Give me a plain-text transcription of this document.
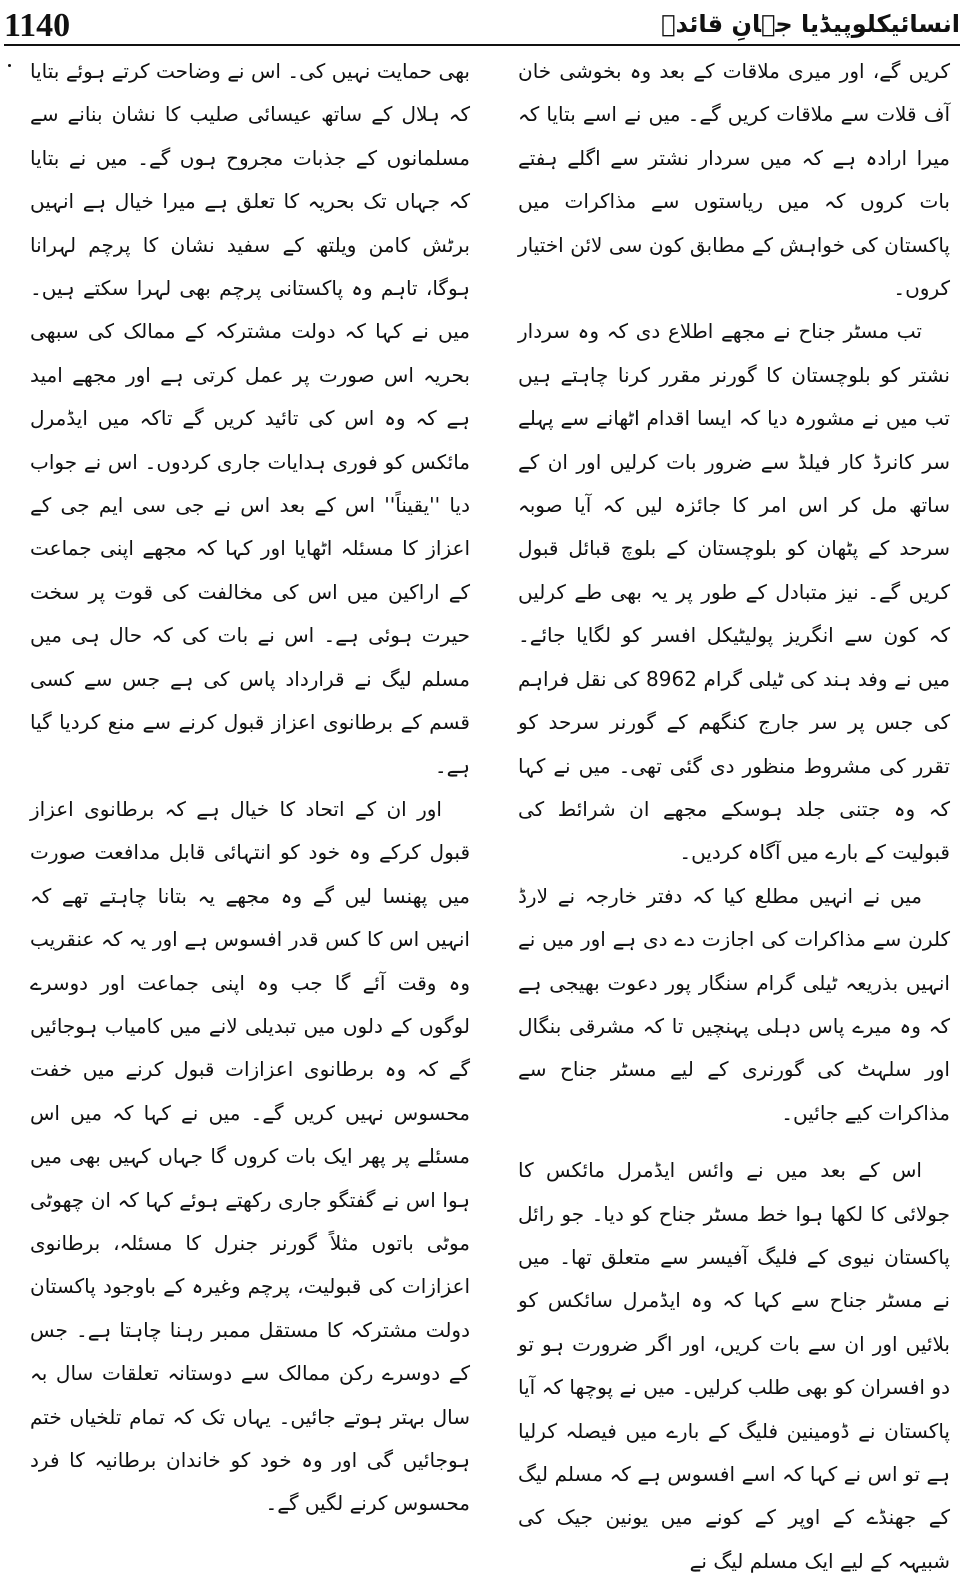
1140	انسائیکلوپیڈیا جہانِ قائدؒ

کریں گے، اور میری ملاقات کے بعد وہ بخوشی خان آف قلات سے ملاقات کریں گے۔ میں نے اسے بتایا کہ میرا ارادہ ہے کہ میں سردار نشتر سے اگلے ہفتے بات کروں کہ میں ریاستوں سے مذاکرات میں پاکستان کی خواہش کے مطابق کون سی لائن اختیار کروں۔

تب مسٹر جناح نے مجھے اطلاع دی کہ وہ سردار نشتر کو بلوچستان کا گورنر مقرر کرنا چاہتے ہیں تب میں نے مشورہ دیا کہ ایسا اقدام اٹھانے سے پہلے سر کانرڈ کار فیلڈ سے ضرور بات کرلیں اور ان کے ساتھ مل کر اس امر کا جائزہ لیں کہ آیا صوبہ سرحد کے پٹھان کو بلوچستان کے بلوچ قبائل قبول کریں گے۔ نیز متبادل کے طور پر یہ بھی طے کرلیں کہ کون سے انگریز پولیٹیکل افسر کو لگایا جائے۔ میں نے وفد ہند کی ٹیلی گرام 8962 کی نقل فراہم کی جس پر سر جارج کنگھم کے گورنر سرحد کو تقرر کی مشروط منظور دی گئی تھی۔ میں نے کہا کہ وہ جتنی جلد ہوسکے مجھے ان شرائط کی قبولیت کے بارے میں آگاہ کردیں۔

میں نے انہیں مطلع کیا کہ دفتر خارجہ نے لارڈ کلرن سے مذاکرات کی اجازت دے دی ہے اور میں نے انہیں بذریعہ ٹیلی گرام سنگار پور دعوت بھیجی ہے کہ وہ میرے پاس دہلی پہنچیں تا کہ مشرقی بنگال اور سلہٹ کی گورنری کے لیے مسٹر جناح سے مذاکرات کیے جائیں۔

اس کے بعد میں نے وائس ایڈمرل مائکس کا جولائی کا لکھا ہوا خط مسٹر جناح کو دیا۔ جو رائل پاکستان نیوی کے فلیگ آفیسر سے متعلق تھا۔ میں نے مسٹر جناح سے کہا کہ وہ ایڈمرل سائکس کو بلائیں اور ان سے بات کریں، اور اگر ضرورت ہو تو دو افسران کو بھی طلب کرلیں۔ میں نے پوچھا کہ آیا پاکستان نے ڈومینین فلیگ کے بارے میں فیصلہ کرلیا ہے تو اس نے کہا کہ اسے افسوس ہے کہ مسلم لیگ کے جھنڈے کے اوپر کے کونے میں یونین جیک کی شبیہہ کے لیے ایک مسلم لیگ نے

بھی حمایت نہیں کی۔ اس نے وضاحت کرتے ہوئے بتایا کہ ہلال کے ساتھ عیسائی صلیب کا نشان بنانے سے مسلمانوں کے جذبات مجروح ہوں گے۔ میں نے بتایا کہ جہاں تک بحریہ کا تعلق ہے میرا خیال ہے انہیں برٹش کامن ویلتھ کے سفید نشان کا پرچم لہرانا ہوگا، تاہم وہ پاکستانی پرچم بھی لہرا سکتے ہیں۔ میں نے کہا کہ دولت مشترکہ کے ممالک کی سبھی بحریہ اس صورت پر عمل کرتی ہے اور مجھے امید ہے کہ وہ اس کی تائید کریں گے تاکہ میں ایڈمرل مائکس کو فوری ہدایات جاری کردوں۔ اس نے جواب دیا ''یقیناً'' اس کے بعد اس نے جی سی ایم جی کے اعزاز کا مسئلہ اٹھایا اور کہا کہ مجھے اپنی جماعت کے اراکین میں اس کی مخالفت کی قوت پر سخت حیرت ہوئی ہے۔ اس نے بات کی کہ حال ہی میں مسلم لیگ نے قرارداد پاس کی ہے جس سے کسی قسم کے برطانوی اعزاز قبول کرنے سے منع کردیا گیا ہے۔

اور ان کے اتحاد کا خیال ہے کہ برطانوی اعزاز قبول کرکے وہ خود کو انتہائی قابل مدافعت صورت میں پھنسا لیں گے وہ مجھے یہ بتانا چاہتے تھے کہ انہیں اس کا کس قدر افسوس ہے اور یہ کہ عنقریب وہ وقت آئے گا جب وہ اپنی جماعت اور دوسرے لوگوں کے دلوں میں تبدیلی لانے میں کامیاب ہوجائیں گے کہ وہ برطانوی اعزازات قبول کرنے میں خفت محسوس نہیں کریں گے۔ میں نے کہا کہ میں اس مسئلے پر پھر ایک بات کروں گا جہاں کہیں بھی میں ہوا اس نے گفتگو جاری رکھتے ہوئے کہا کہ ان چھوٹی موٹی باتوں مثلاً گورنر جنرل کا مسئلہ، برطانوی اعزازات کی قبولیت، پرچم وغیرہ کے باوجود پاکستان دولت مشترکہ کا مستقل ممبر رہنا چاہتا ہے۔ جس کے دوسرے رکن ممالک سے دوستانہ تعلقات سال بہ سال بہتر ہوتے جائیں۔ یہاں تک کہ تمام تلخیاں ختم ہوجائیں گی اور وہ خود کو خاندان برطانیہ کا فرد محسوس کرنے لگیں گے۔
